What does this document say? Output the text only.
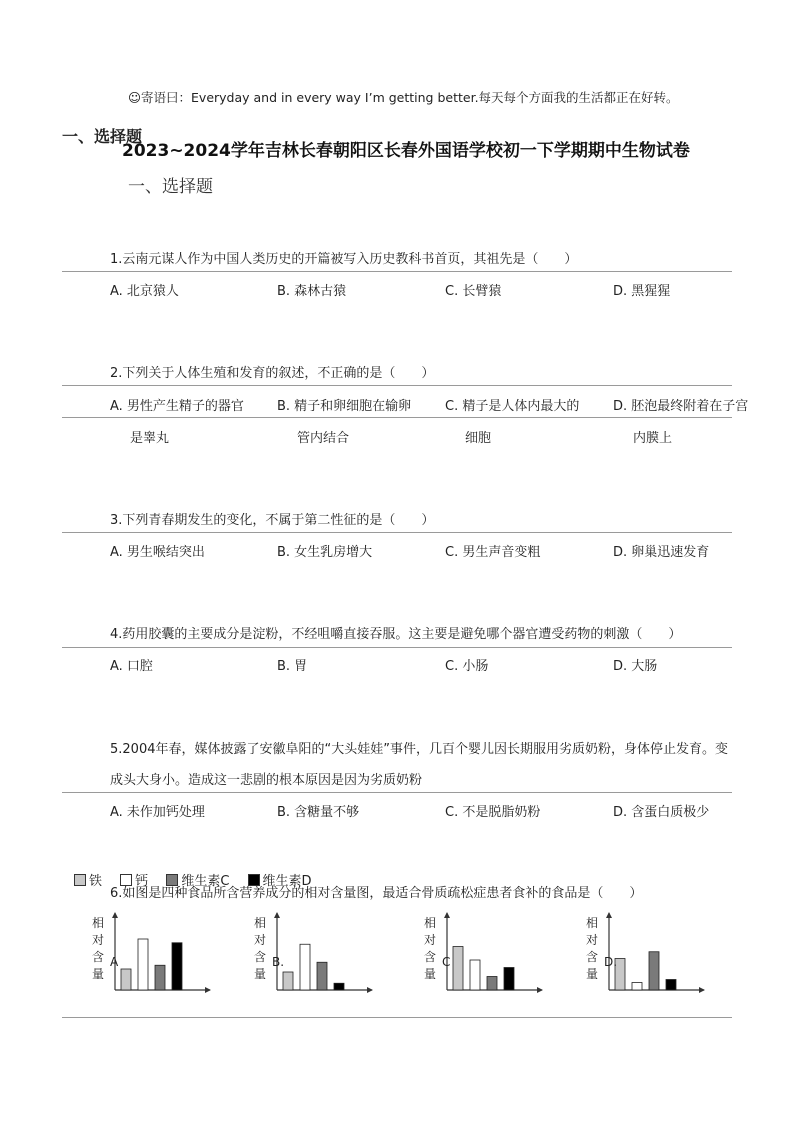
☺寄语曰：Everyday and in every way I’m getting better.每天每个方面我的生活都正在好转。
一、选择题
2023~2024学年吉林长春朝阳区长春外国语学校初一下学期期中生物试卷
一、选择题
1.云南元谋人作为中国人类历史的开篇被写入历史教科书首页，其祖先是（　　）
A. 北京猿人	B. 森林古猿	C. 长臂猿	D. 黑猩猩
2.下列关于人体生殖和发育的叙述，不正确的是（　　）
A. 男性产生精子的器官	B. 精子和卵细胞在输卵	C. 精子是人体内最大的	D. 胚泡最终附着在子宫
是睾丸	管内结合	细胞	内膜上
3.下列青春期发生的变化，不属于第二性征的是（　　）
A. 男生喉结突出	B. 女生乳房增大	C. 男生声音变粗	D. 卵巢迅速发育
4.药用胶囊的主要成分是淀粉，不经咀嚼直接吞服。这主要是避免哪个器官遭受药物的刺激（　　）
A. 口腔	B. 胃	C. 小肠	D. 大肠
5.2004年春，媒体披露了安徽阜阳的“大头娃娃”事件，几百个婴儿因长期服用劣质奶粉，身体停止发育。变
成头大身小。造成这一悲剧的根本原因是因为劣质奶粉
A. 未作加钙处理	B. 含糖量不够	C. 不是脱脂奶粉	D. 含蛋白质极少
铁	钙	维生素C	维生素D
6.如图是四种食品所含营养成分的相对含量图，最适合骨质疏松症患者食补的食品是（　　）
相
对
含
量
A
相
对
含
量
B.
相
对
含
量
C
相
对
含
量
D.
